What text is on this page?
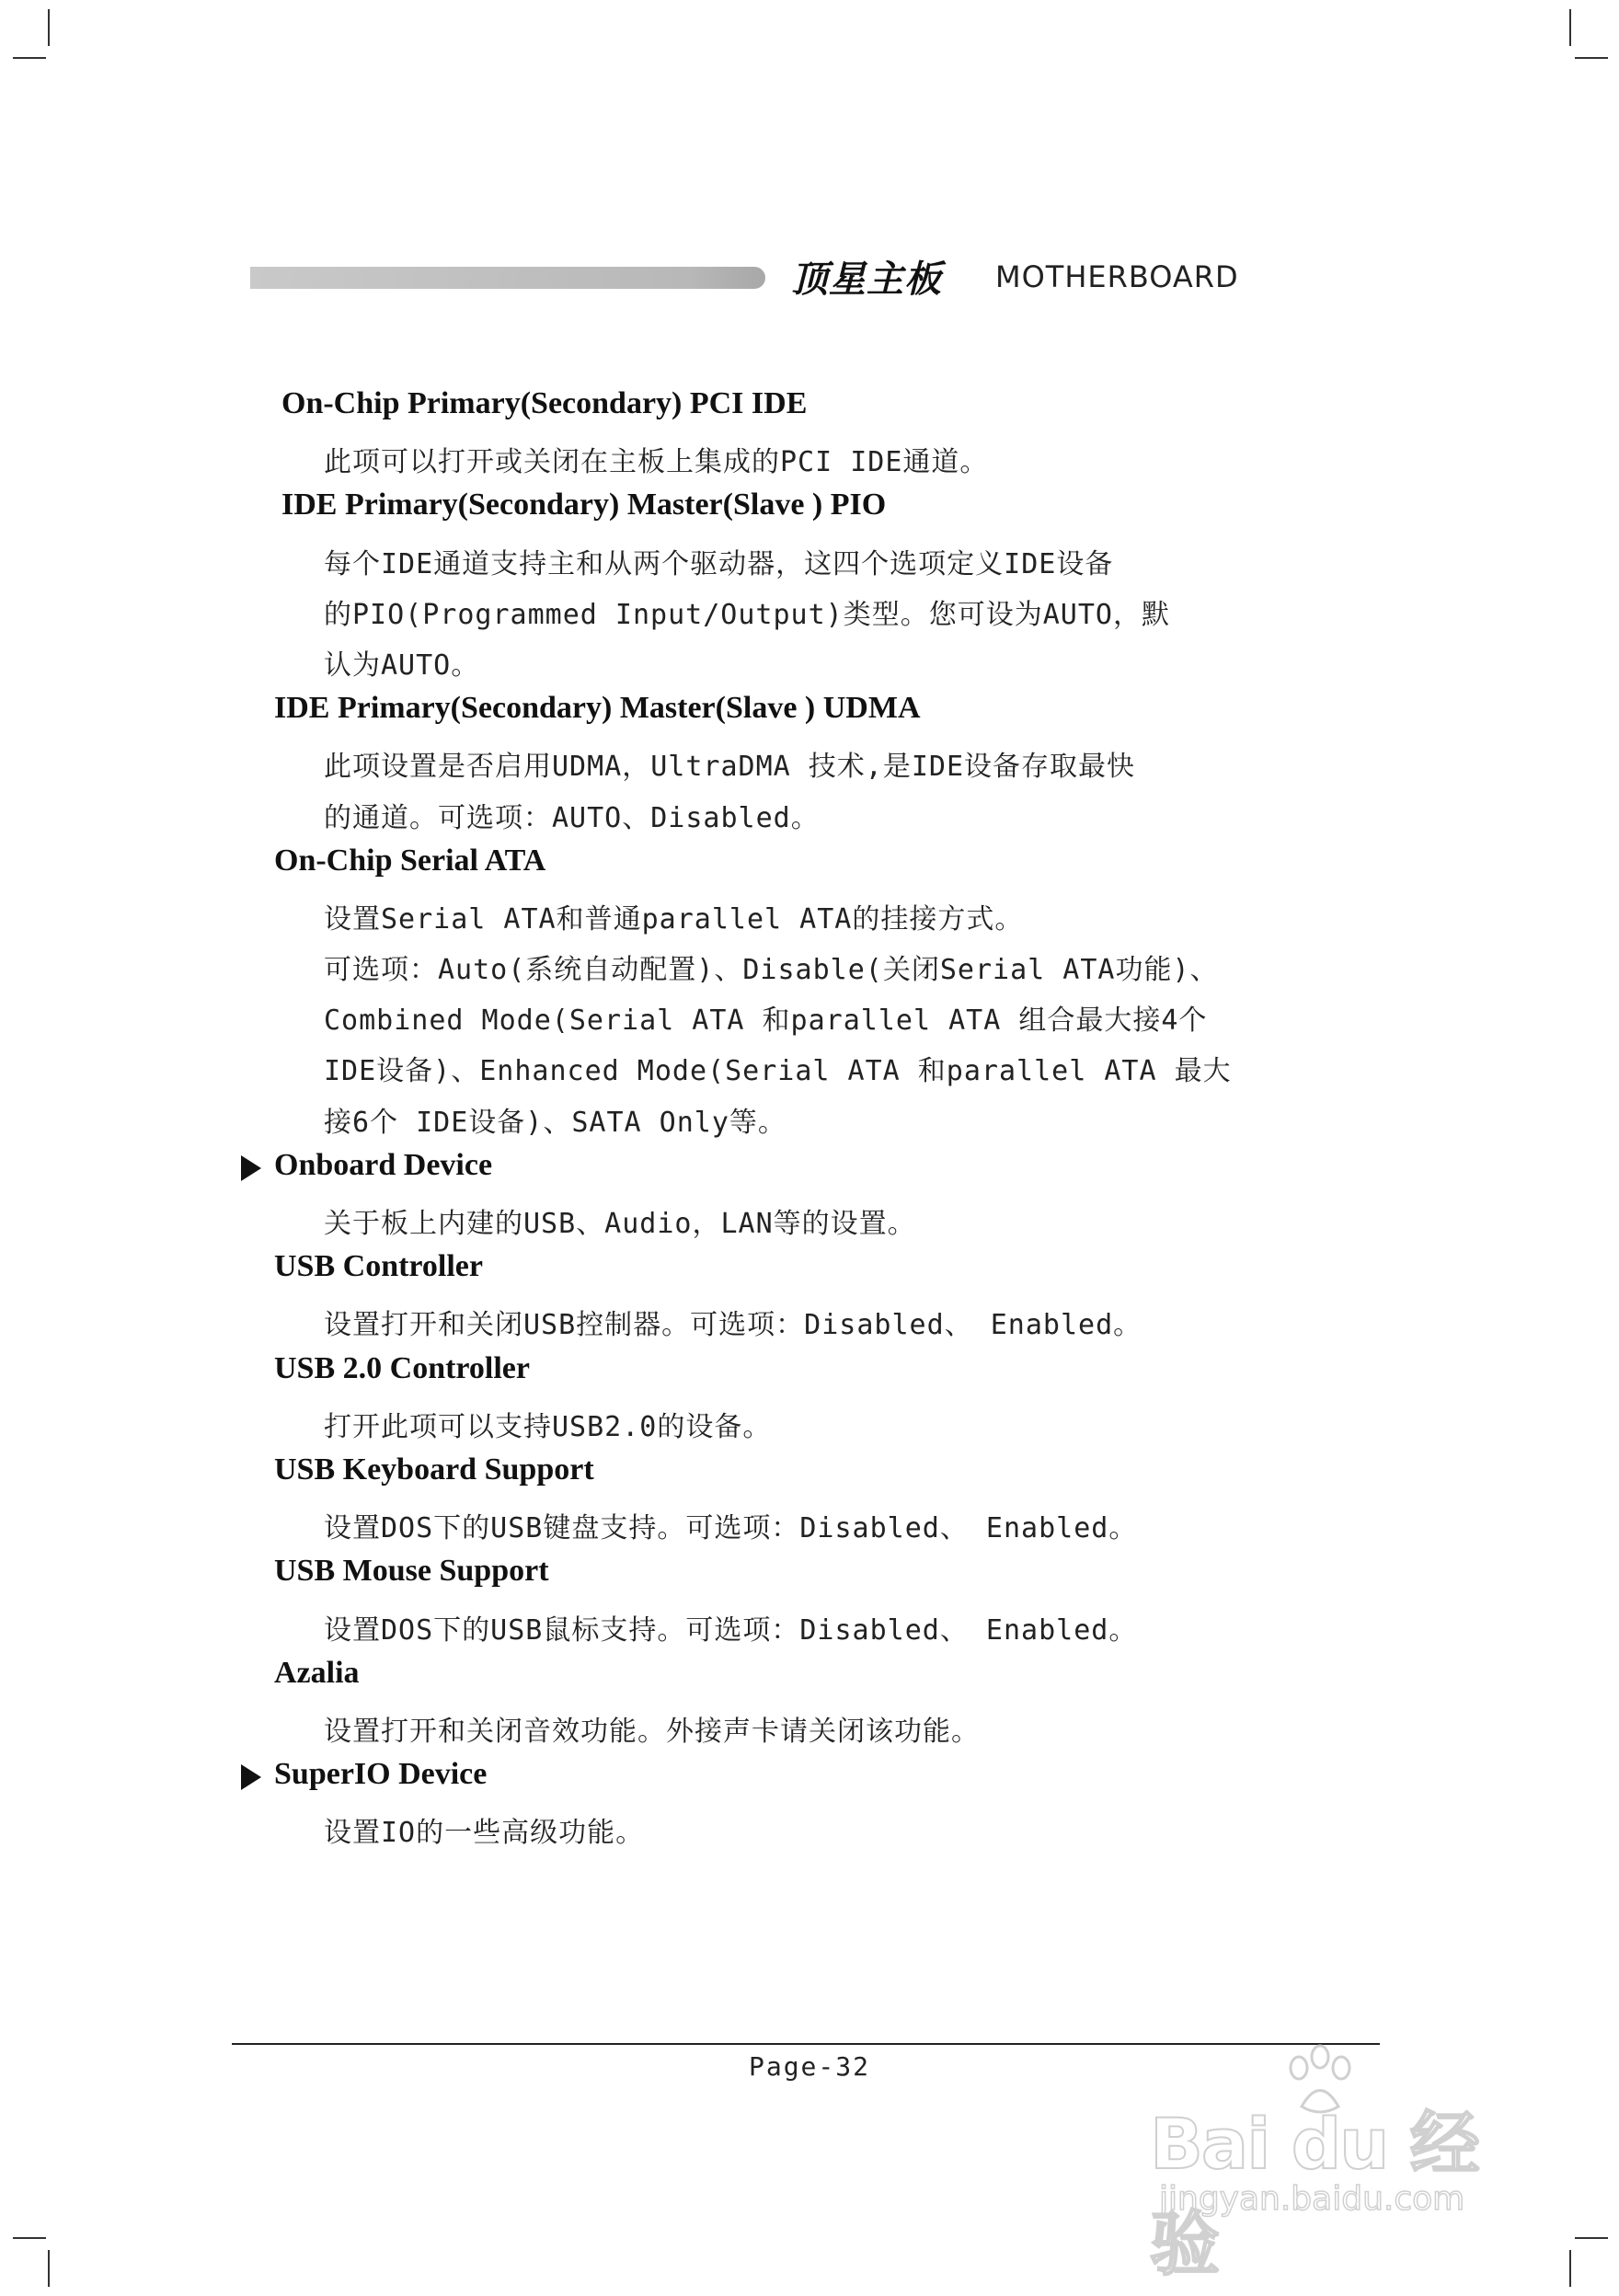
顶星主板 MOTHERBOARD
On-Chip Primary(Secondary) PCI IDE
此项可以打开或关闭在主板上集成的PCI IDE通道。
IDE Primary(Secondary) Master(Slave ) PIO
每个IDE通道支持主和从两个驱动器，这四个选项定义IDE设备
的PIO(Programmed Input/Output)类型。您可设为AUTO，默
认为AUTO。
IDE Primary(Secondary) Master(Slave ) UDMA
此项设置是否启用UDMA，UltraDMA 技术,是IDE设备存取最快
的通道。可选项：AUTO、Disabled。
On-Chip Serial ATA
设置Serial ATA和普通parallel ATA的挂接方式。
可选项：Auto(系统自动配置)、Disable(关闭Serial ATA功能)、
Combined Mode(Serial ATA 和parallel ATA 组合最大接4个
IDE设备)、Enhanced Mode(Serial ATA 和parallel ATA 最大
接6个 IDE设备)、SATA Only等。
Onboard Device
关于板上内建的USB、Audio，LAN等的设置。
USB Controller
设置打开和关闭USB控制器。可选项：Disabled、 Enabled。
USB 2.0 Controller
打开此项可以支持USB2.0的设备。
USB Keyboard Support
设置DOS下的USB键盘支持。可选项：Disabled、 Enabled。
USB Mouse Support
设置DOS下的USB鼠标支持。可选项：Disabled、 Enabled。
Azalia
设置打开和关闭音效功能。外接声卡请关闭该功能。
SuperIO Device
设置IO的一些高级功能。
Page-32
Bai du 经验
jingyan.baidu.com
